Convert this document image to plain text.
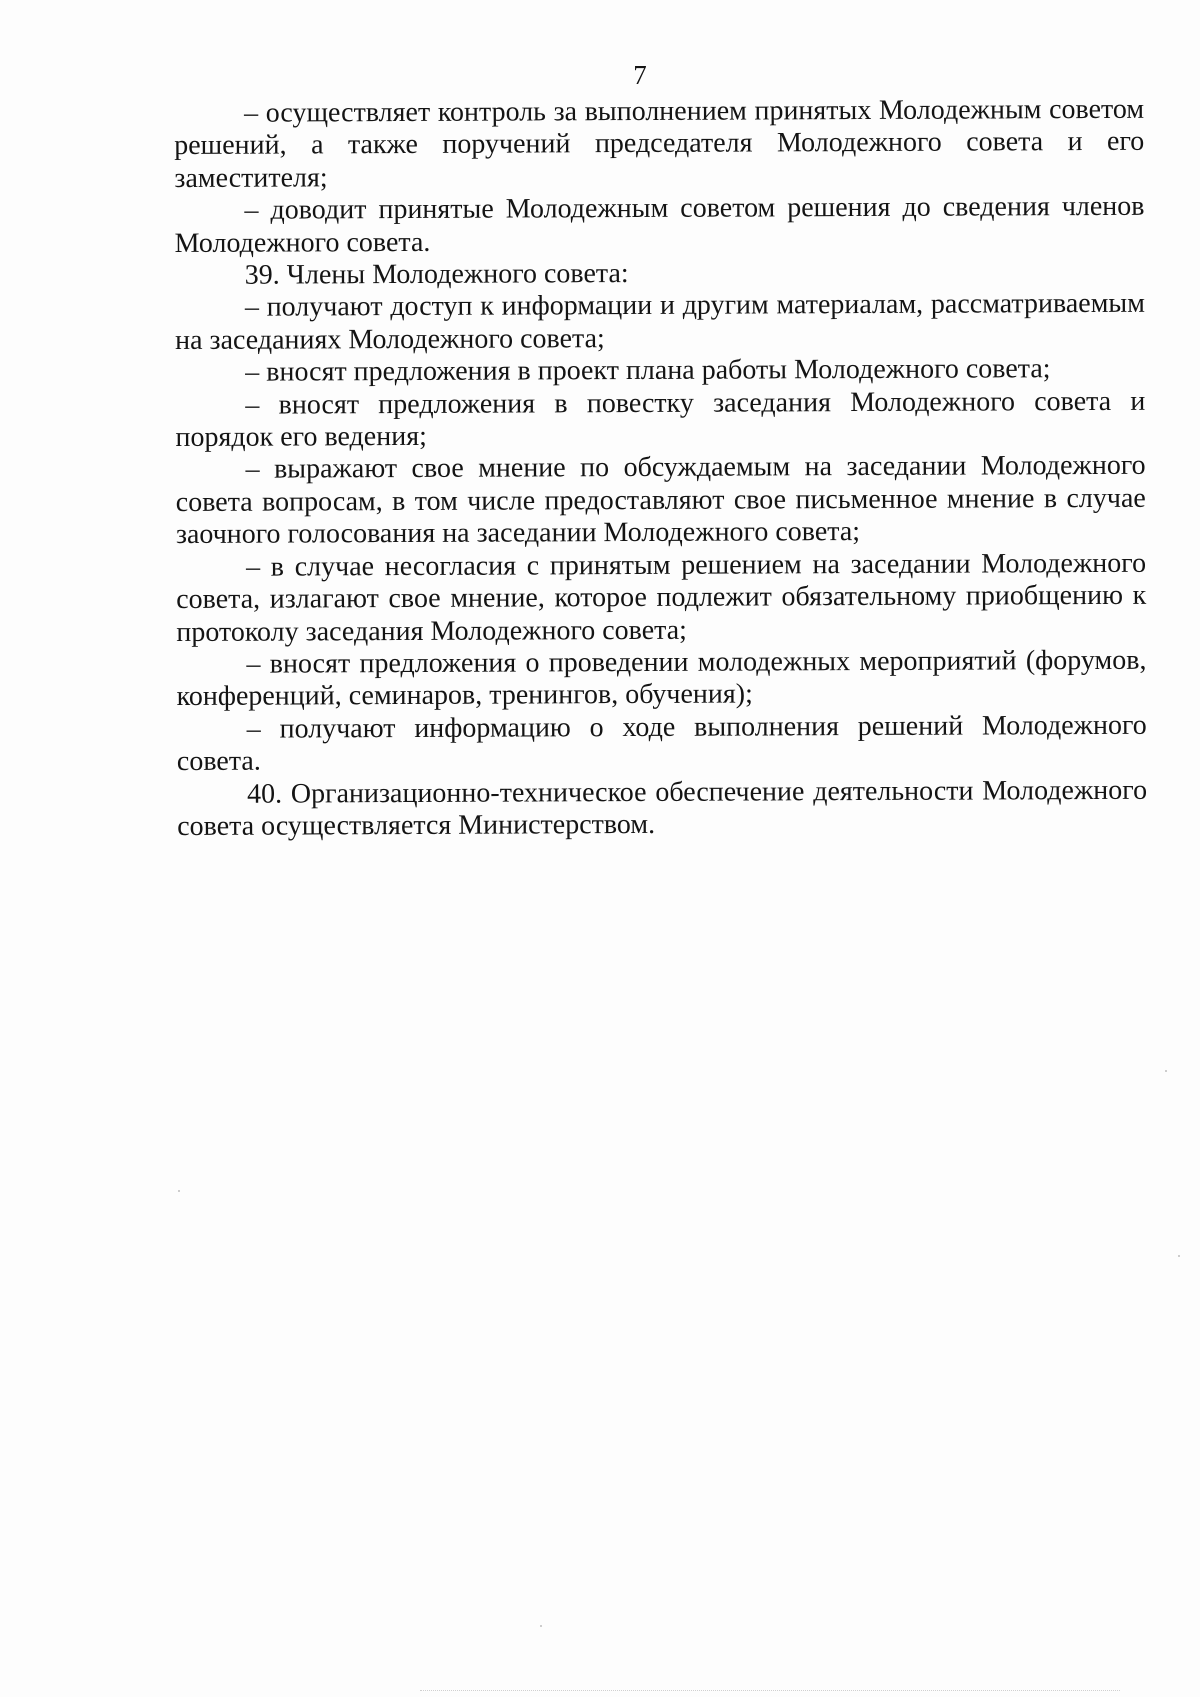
7

– осуществляет контроль за выполнением принятых Молодежным советом решений, а также поручений председателя Молодежного совета и его заместителя;

– доводит принятые Молодежным советом решения до сведения членов Молодежного совета.

39. Члены Молодежного совета:

– получают доступ к информации и другим материалам, рассматриваемым на заседаниях Молодежного совета;

– вносят предложения в проект плана работы Молодежного совета;

– вносят предложения в повестку заседания Молодежного совета и порядок его ведения;

– выражают свое мнение по обсуждаемым на заседании Молодежного совета вопросам, в том числе предоставляют свое письменное мнение в случае заочного голосования на заседании Молодежного совета;

– в случае несогласия с принятым решением на заседании Молодежного совета, излагают свое мнение, которое подлежит обязательному приобщению к протоколу заседания Молодежного совета;

– вносят предложения о проведении молодежных мероприятий (форумов, конференций, семинаров, тренингов, обучения);

– получают информацию о ходе выполнения решений Молодежного совета.

40. Организационно-техническое обеспечение деятельности Молодежного совета осуществляется Министерством.
